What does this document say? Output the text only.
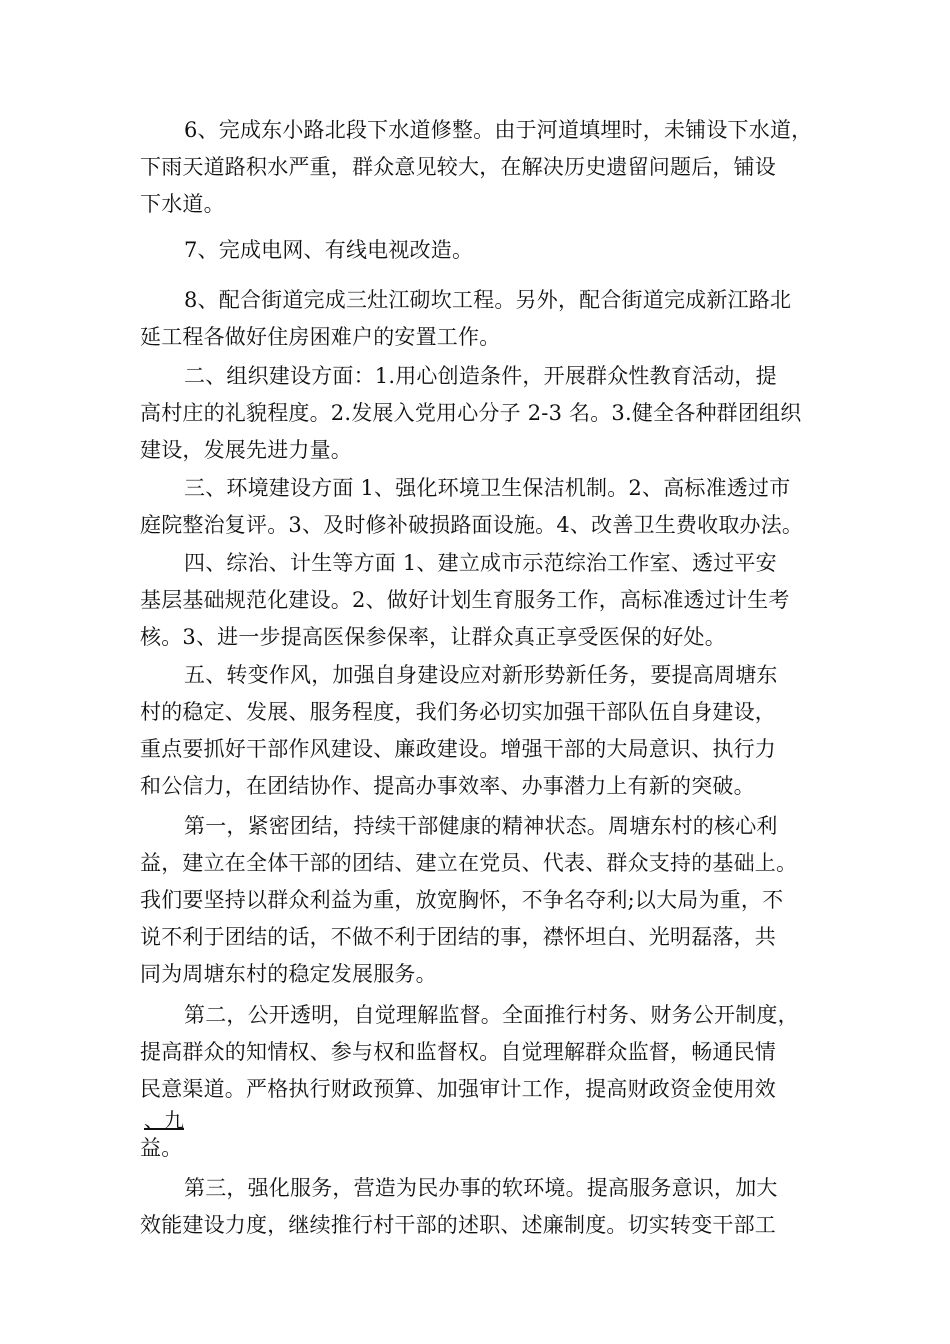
6、完成东小路北段下水道修整。由于河道填埋时，未铺设下水道，
下雨天道路积水严重，群众意见较大，在解决历史遗留问题后，铺设
下水道。
7、完成电网、有线电视改造。
8、配合街道完成三灶江砌坎工程。另外，配合街道完成新江路北
延工程各做好住房困难户的安置工作。
二、组织建设方面：1.用心创造条件，开展群众性教育活动，提
高村庄的礼貌程度。2.发展入党用心分子 2-3 名。3.健全各种群团组织
建设，发展先进力量。
三、环境建设方面 1、强化环境卫生保洁机制。2、高标准透过市
庭院整治复评。3、及时修补破损路面设施。4、改善卫生费收取办法。
四、综治、计生等方面 1、建立成市示范综治工作室、透过平安
基层基础规范化建设。2、做好计划生育服务工作，高标准透过计生考
核。3、进一步提高医保参保率，让群众真正享受医保的好处。
五、转变作风，加强自身建设应对新形势新任务，要提高周塘东
村的稳定、发展、服务程度，我们务必切实加强干部队伍自身建设，
重点要抓好干部作风建设、廉政建设。增强干部的大局意识、执行力
和公信力，在团结协作、提高办事效率、办事潜力上有新的突破。
第一，紧密团结，持续干部健康的精神状态。周塘东村的核心利
益，建立在全体干部的团结、建立在党员、代表、群众支持的基础上。
我们要坚持以群众利益为重，放宽胸怀，不争名夺利;以大局为重，不
说不利于团结的话，不做不利于团结的事，襟怀坦白、光明磊落，共
同为周塘东村的稳定发展服务。
第二，公开透明，自觉理解监督。全面推行村务、财务公开制度，
提高群众的知情权、参与权和监督权。自觉理解群众监督，畅通民情
民意渠道。严格执行财政预算、加强审计工作，提高财政资金使用效
、九
益。
第三，强化服务，营造为民办事的软环境。提高服务意识，加大
效能建设力度，继续推行村干部的述职、述廉制度。切实转变干部工
